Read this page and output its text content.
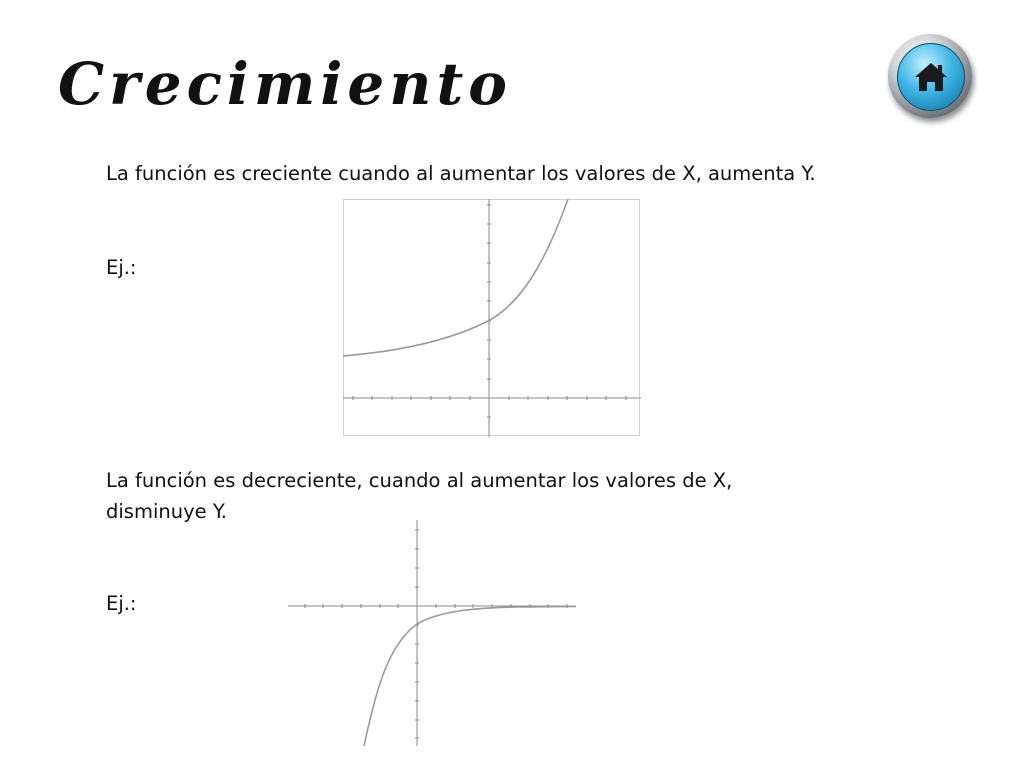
Crecimiento

La función es creciente cuando al aumentar los valores de X, aumenta Y.

Ej.:

La función es decreciente, cuando al aumentar los valores de X, disminuye Y.

Ej.:
